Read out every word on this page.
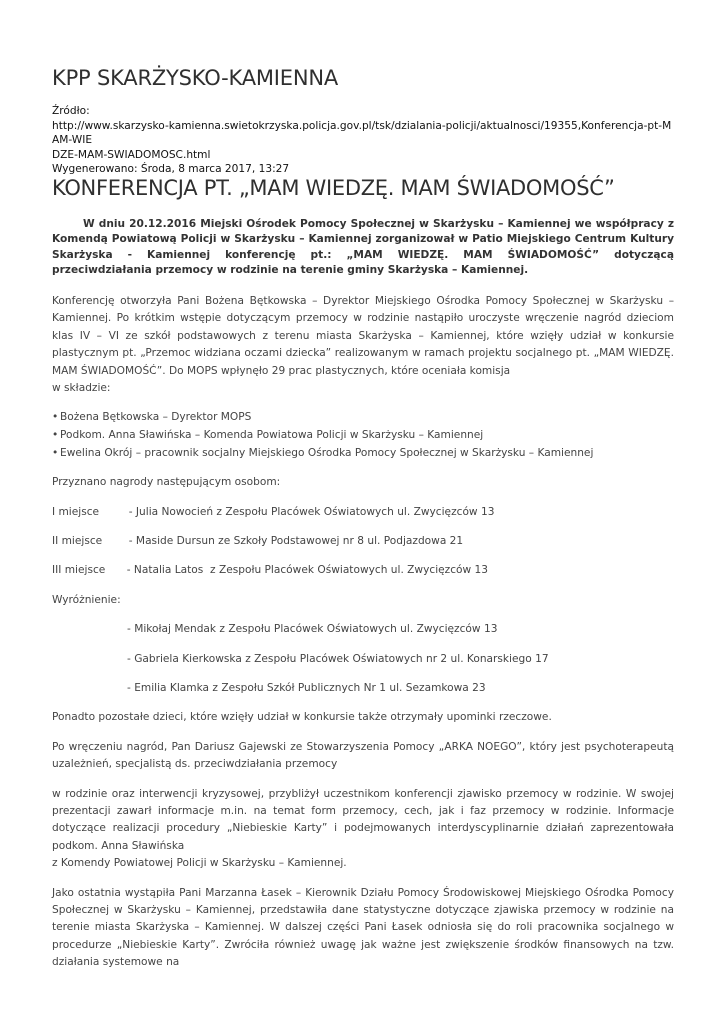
KPP SKARŻYSKO-KAMIENNA
Źródło:
http://www.skarzysko-kamienna.swietokrzyska.policja.gov.pl/tsk/dzialania-policji/aktualnosci/19355,Konferencja-pt-MAM-WIE
DZE-MAM-SWIADOMOSC.html
Wygenerowano: Środa, 8 marca 2017, 13:27
KONFERENCJA PT. „MAM WIEDZĘ. MAM ŚWIADOMOŚĆ”

W dniu 20.12.2016 Miejski Ośrodek Pomocy Społecznej w Skarżysku – Kamiennej we współpracy z Komendą Powiatową Policji w Skarżysku – Kamiennej zorganizował w Patio Miejskiego Centrum Kultury Skarżyska - Kamiennej konferencję pt.: „MAM WIEDZĘ. MAM ŚWIADOMOŚĆ” dotyczącą przeciwdziałania przemocy w rodzinie na terenie gminy Skarżyska – Kamiennej.

Konferencję otworzyła Pani Bożena Bętkowska – Dyrektor Miejskiego Ośrodka Pomocy Społecznej w Skarżysku – Kamiennej. Po krótkim wstępie dotyczącym przemocy w rodzinie nastąpiło uroczyste wręczenie nagród dzieciom klas IV – VI ze szkół podstawowych z terenu miasta Skarżyska – Kamiennej, które wzięły udział w konkursie plastycznym pt. „Przemoc widziana oczami dziecka” realizowanym w ramach projektu socjalnego pt. „MAM WIEDZĘ. MAM ŚWIADOMOŚĆ”. Do MOPS wpłynęło 29 prac plastycznych, które oceniała komisja

w składzie:

• Bożena Bętkowska – Dyrektor MOPS
• Podkom. Anna Sławińska – Komenda Powiatowa Policji w Skarżysku – Kamiennej
• Ewelina Okrój – pracownik socjalny Miejskiego Ośrodka Pomocy Społecznej w Skarżysku – Kamiennej

Przyznano nagrody następującym osobom:

I miejsce  - Julia Nowocień z Zespołu Placówek Oświatowych ul. Zwycięzców 13
II miejsce  - Maside Dursun ze Szkoły Podstawowej nr 8 ul. Podjazdowa 21
III miejsce  - Natalia Latos  z Zespołu Placówek Oświatowych ul. Zwycięzców 13

Wyróżnienie:

- Mikołaj Mendak z Zespołu Placówek Oświatowych ul. Zwycięzców 13
- Gabriela Kierkowska z Zespołu Placówek Oświatowych nr 2 ul. Konarskiego 17
- Emilia Klamka z Zespołu Szkół Publicznych Nr 1 ul. Sezamkowa 23

Ponadto pozostałe dzieci, które wzięły udział w konkursie także otrzymały upominki rzeczowe.

Po wręczeniu nagród, Pan Dariusz Gajewski ze Stowarzyszenia Pomocy „ARKA NOEGO”, który jest psychoterapeutą uzależnień, specjalistą ds. przeciwdziałania przemocy

w rodzinie oraz interwencji kryzysowej, przybliżył uczestnikom konferencji zjawisko przemocy w rodzinie. W swojej prezentacji zawarł informacje m.in. na temat form przemocy, cech, jak i faz przemocy w rodzinie. Informacje dotyczące realizacji procedury „Niebieskie Karty” i podejmowanych interdyscyplinarnie działań zaprezentowała podkom. Anna Sławińska

z Komendy Powiatowej Policji w Skarżysku – Kamiennej.

Jako ostatnia wystąpiła Pani Marzanna Łasek – Kierownik Działu Pomocy Środowiskowej Miejskiego Ośrodka Pomocy Społecznej w Skarżysku – Kamiennej, przedstawiła dane statystyczne dotyczące zjawiska przemocy w rodzinie na terenie miasta Skarżyska – Kamiennej. W dalszej części Pani Łasek odniosła się do roli pracownika socjalnego w procedurze „Niebieskie Karty”. Zwróciła również uwagę jak ważne jest zwiększenie środków finansowych na tzw. działania systemowe na
